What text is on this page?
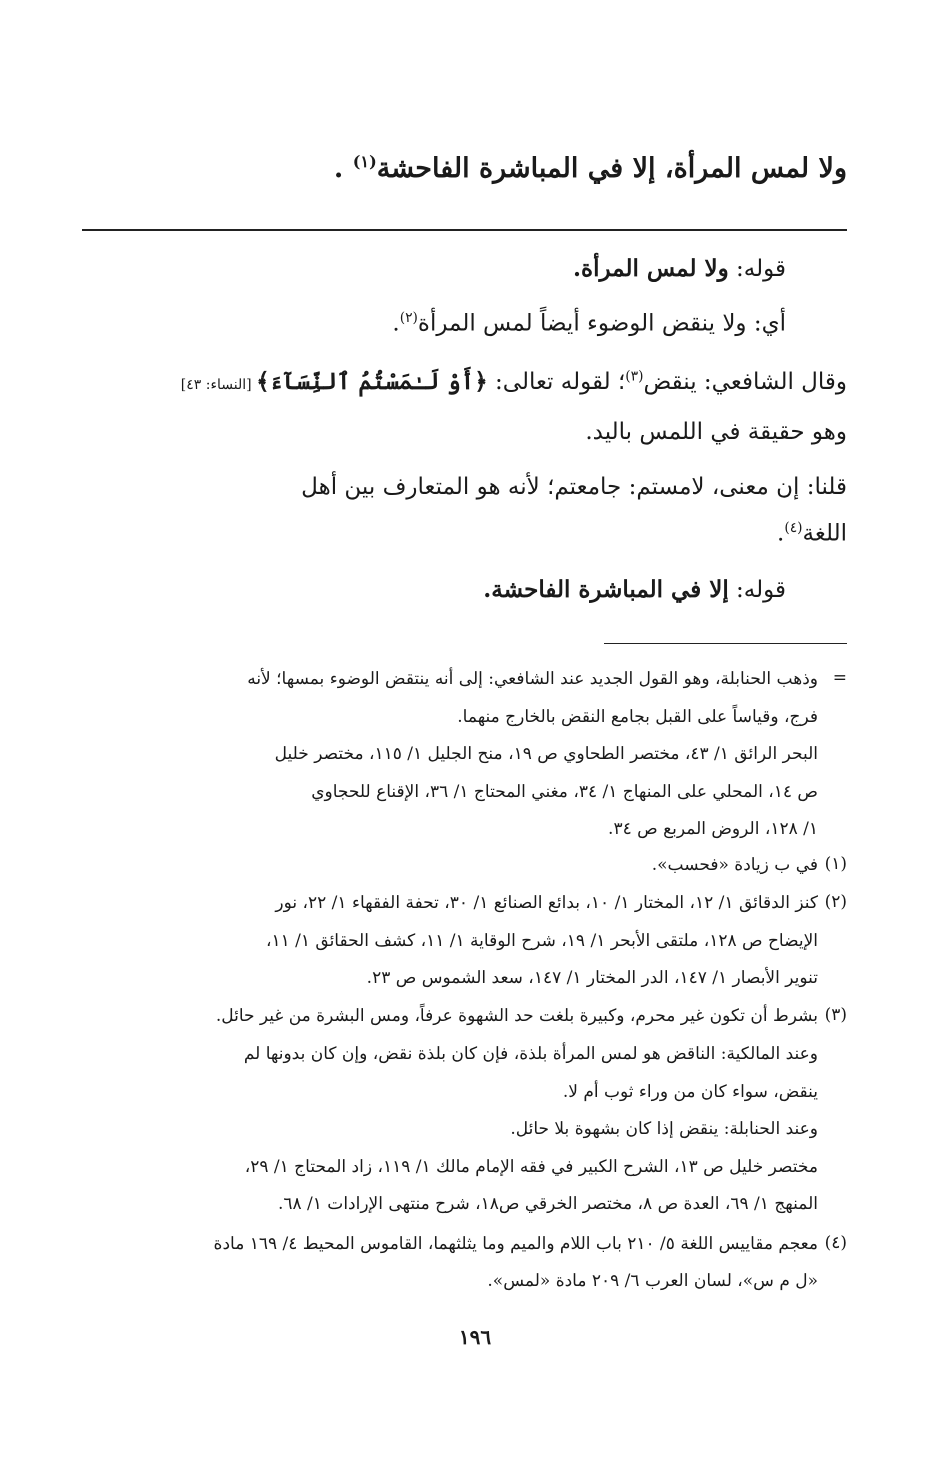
ولا لمس المرأة، إلا في المباشرة الفاحشة$^{(١)}$ .
قوله: ولا لمس المرأة.
أي: ولا ينقض الوضوء أيضاً لمس المرأة$^{(٢)}$.
وقال الشافعي: ينقض$^{(٣)}$؛ لقوله تعالى: ﴿أَوْ لَـٰمَسْتُمُ ٱلنِّسَآءَ﴾ [النساء: ٤٣]
وهو حقيقة في اللمس باليد.
قلنا: إن معنى، لامستم: جامعتم؛ لأنه هو المتعارف بين أهل
اللغة$^{(٤)}$.
قوله: إلا في المباشرة الفاحشة.
=
وذهب الحنابلة، وهو القول الجديد عند الشافعي: إلى أنه ينتقض الوضوء بمسها؛ لأنه
فرج، وقياساً على القبل بجامع النقض بالخارج منهما.
البحر الرائق ١/ ٤٣، مختصر الطحاوي ص ١٩، منح الجليل ١/ ١١٥، مختصر خليل
ص ١٤، المحلي على المنهاج ١/ ٣٤، مغني المحتاج ١/ ٣٦، الإقناع للحجاوي
١/ ١٢٨، الروض المربع ص ٣٤.
(١)
في ب زيادة «فحسب».
(٢)
كنز الدقائق ١/ ١٢، المختار ١/ ١٠، بدائع الصنائع ١/ ٣٠، تحفة الفقهاء ١/ ٢٢، نور
الإيضاح ص ١٢٨، ملتقى الأبحر ١/ ١٩، شرح الوقاية ١/ ١١، كشف الحقائق ١/ ١١،
تنوير الأبصار ١/ ١٤٧، الدر المختار ١/ ١٤٧، سعد الشموس ص ٢٣.
(٣)
بشرط أن تكون غير محرم، وكبيرة بلغت حد الشهوة عرفاً، ومس البشرة من غير حائل.
وعند المالكية: الناقض هو لمس المرأة بلذة، فإن كان بلذة نقض، وإن كان بدونها لم
ينقض، سواء كان من وراء ثوب أم لا.
وعند الحنابلة: ينقض إذا كان بشهوة بلا حائل.
مختصر خليل ص ١٣، الشرح الكبير في فقه الإمام مالك ١/ ١١٩، زاد المحتاج ١/ ٢٩،
المنهج ١/ ٦٩، العدة ص ٨، مختصر الخرقي ص١٨، شرح منتهى الإرادات ١/ ٦٨.
(٤)
معجم مقاييس اللغة ٥/ ٢١٠ باب اللام والميم وما يثلثهما، القاموس المحيط ٤/ ١٦٩ مادة
«ل م س»، لسان العرب ٦/ ٢٠٩ مادة «لمس».
١٩٦
